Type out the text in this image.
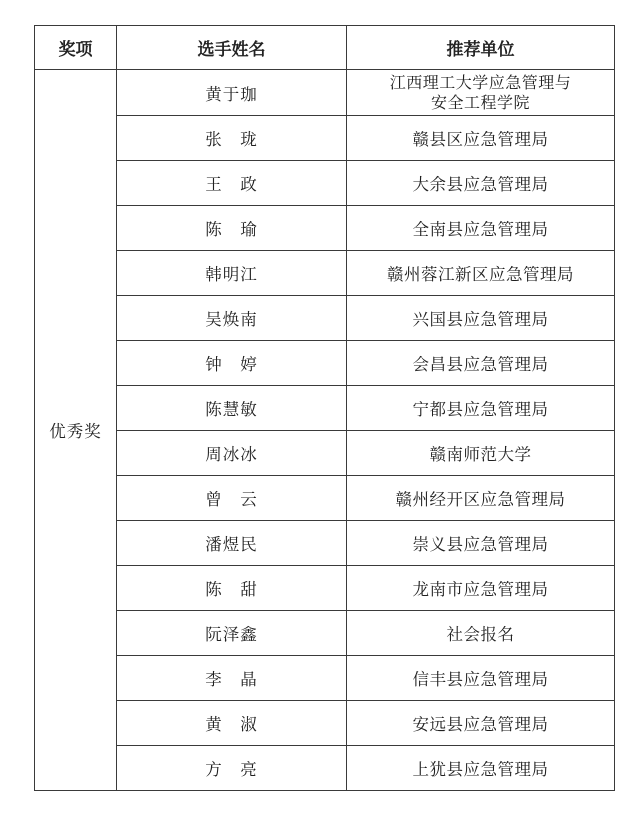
奖项	选手姓名	推荐单位
优秀奖	黄于珈	江西理工大学应急管理与
安全工程学院
	张　珑	赣县区应急管理局
	王　政	大余县应急管理局
	陈　瑜	全南县应急管理局
	韩明江	赣州蓉江新区应急管理局
	吴焕南	兴国县应急管理局
	钟　婷	会昌县应急管理局
	陈慧敏	宁都县应急管理局
	周冰冰	赣南师范大学
	曾　云	赣州经开区应急管理局
	潘煜民	崇义县应急管理局
	陈　甜	龙南市应急管理局
	阮泽鑫	社会报名
	李　晶	信丰县应急管理局
	黄　淑	安远县应急管理局
	方　亮	上犹县应急管理局
